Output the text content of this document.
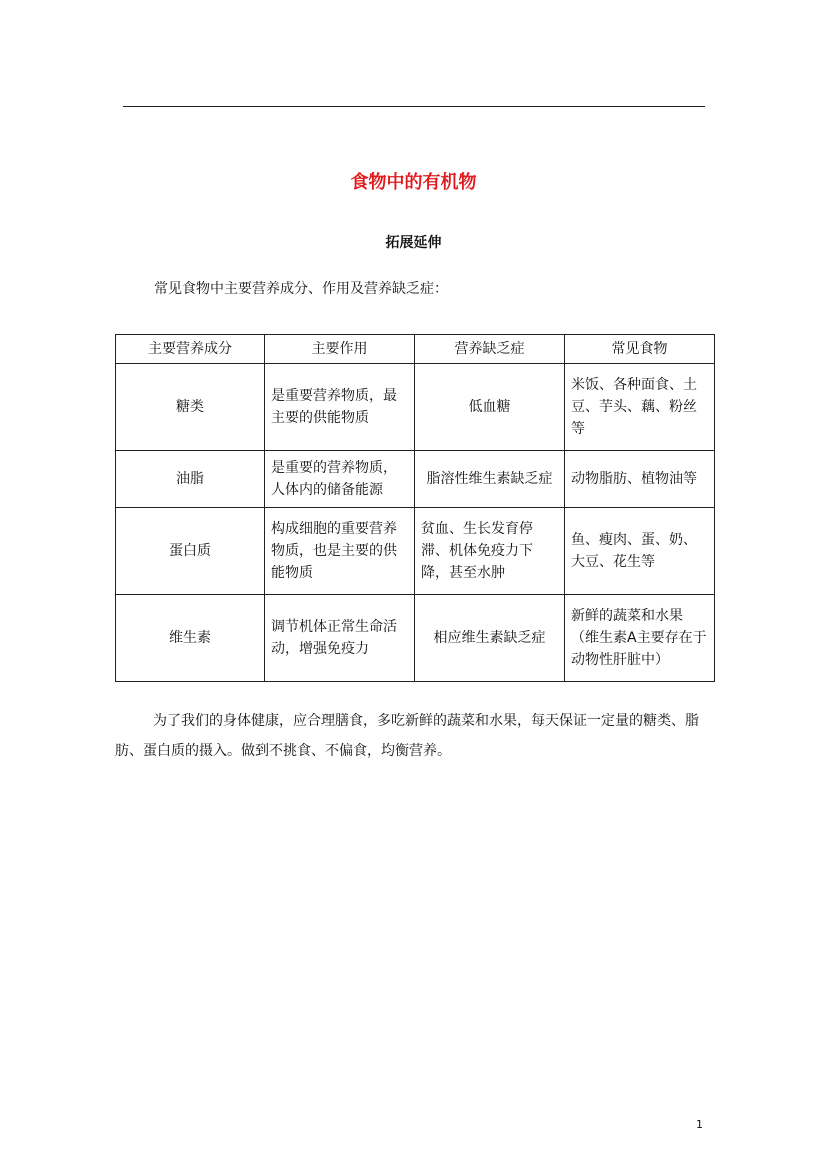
食物中的有机物
拓展延伸
常见食物中主要营养成分、作用及营养缺乏症：
主要营养成分	主要作用	营养缺乏症	常见食物
糖类	是重要营养物质，最主要的供能物质	低血糖	米饭、各种面食、土豆、芋头、藕、粉丝等
油脂	是重要的营养物质，人体内的储备能源	脂溶性维生素缺乏症	动物脂肪、植物油等
蛋白质	构成细胞的重要营养物质，也是主要的供能物质	贫血、生长发育停滞、机体免疫力下降，甚至水肿	鱼、瘦肉、蛋、奶、大豆、花生等
维生素	调节机体正常生命活动，增强免疫力	相应维生素缺乏症	新鲜的蔬菜和水果（维生素A主要存在于动物性肝脏中）
为了我们的身体健康，应合理膳食，多吃新鲜的蔬菜和水果，每天保证一定量的糖类、脂肪、蛋白质的摄入。做到不挑食、不偏食，均衡营养。
1
